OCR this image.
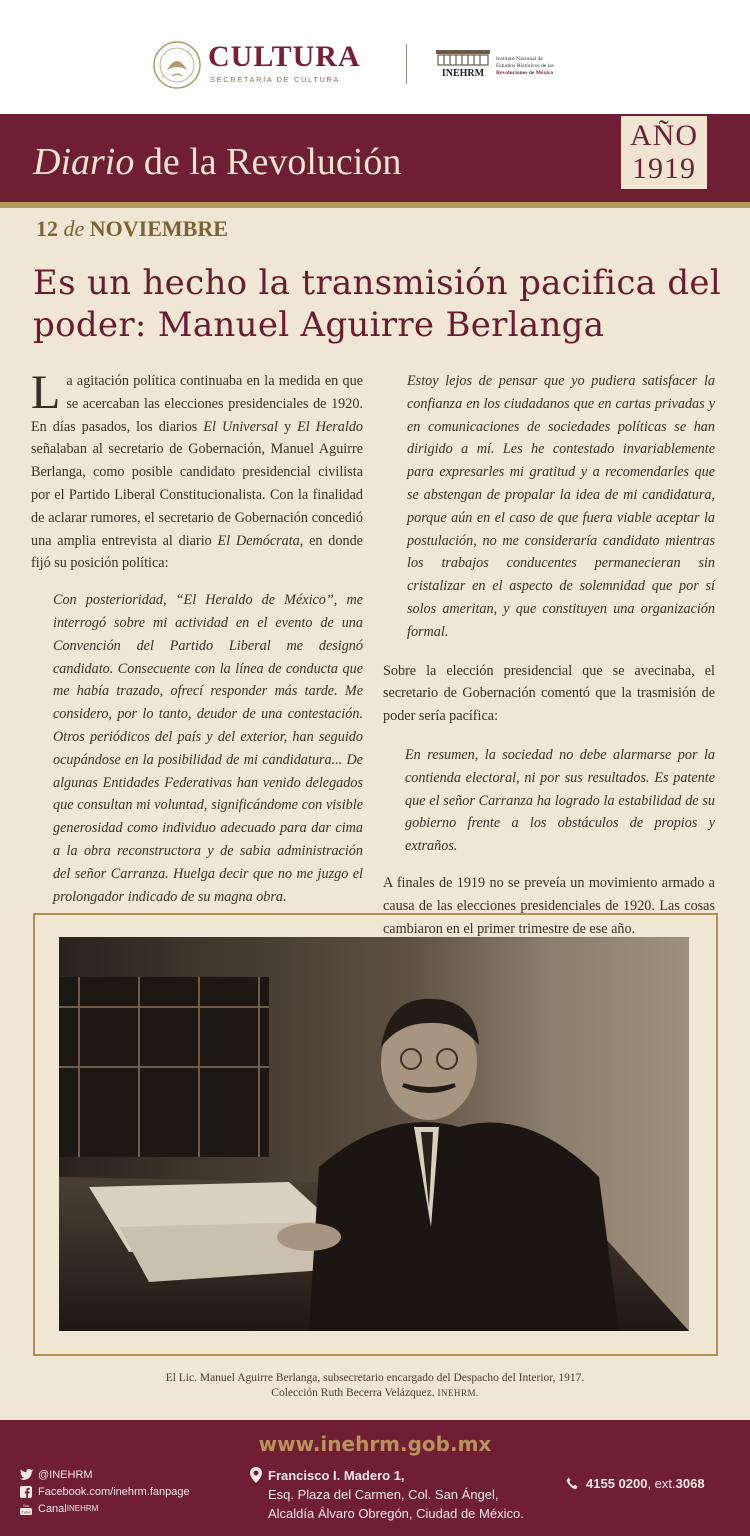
CULTURA
SECRETARÍA DE CULTURA
INEHRM
Instituto Nacional de
Estudios Históricos de las
Revoluciones de México
Diario de la Revolución
AÑO
1919
12 de NOVIEMBRE
Es un hecho la transmisión pacifica del poder: Manuel Aguirre Berlanga

La agitación política continuaba en la medida en que se acercaban las elecciones presidenciales de 1920. En días pasados, los diarios El Universal y El Heraldo señalaban al secretario de Gobernación, Manuel Aguirre Berlanga, como posible candidato presidencial civilista por el Partido Liberal Constitucionalista. Con la finalidad de aclarar rumores, el secretario de Gobernación concedió una amplia entrevista al diario El Demócrata, en donde fijó su posición política:

Con posterioridad, “El Heraldo de México”, me interrogó sobre mi actividad en el evento de una Convención del Partido Liberal me designó candidato. Consecuente con la línea de conducta que me había trazado, ofrecí responder más tarde. Me considero, por lo tanto, deudor de una contestación. Otros periódicos del país y del exterior, han seguido ocupándose en la posibilidad de mi candidatura... De algunas Entidades Federativas han venido delegados que consultan mi voluntad, significándome con visible generosidad como individuo adecuado para dar cima a la obra reconstructora y de sabia administración del señor Carranza. Huelga decir que no me juzgo el prolongador indicado de su magna obra.

Estoy lejos de pensar que yo pudiera satisfacer la confianza en los ciudadanos que en cartas privadas y en comunicaciones de sociedades políticas se han dirigido a mí. Les he contestado invariablemente para expresarles mi gratitud y a recomendarles que se abstengan de propalar la idea de mi candidatura, porque aún en el caso de que fuera viable aceptar la postulación, no me consideraría candidato mientras los trabajos conducentes permanecieran sin cristalizar en el aspecto de solemnidad que por sí solos ameritan, y que constituyen una organización formal.

Sobre la elección presidencial que se avecinaba, el secretario de Gobernación comentó que la trasmisión de poder sería pacífica:

En resumen, la sociedad no debe alarmarse por la contienda electoral, ni por sus resultados. Es patente que el señor Carranza ha logrado la estabilidad de su gobierno frente a los obstáculos de propios y extraños.

A finales de 1919 no se preveía un movimiento armado a causa de las elecciones presidenciales de 1920. Las cosas cambiaron en el primer trimestre de ese año.

El Lic. Manuel Aguirre Berlanga, subsecretario encargado del Despacho del Interior, 1917.
Colección Ruth Becerra Velázquez. INEHRM.
www.inehrm.gob.mx
@INEHRM
Facebook.com/inehrm.fanpage
You
Tube Canal INEHRM
Francisco I. Madero 1,
Esq. Plaza del Carmen, Col. San Ángel,
Alcaldía Álvaro Obregón, Ciudad de México.
4155 0200 , ext. 3068
